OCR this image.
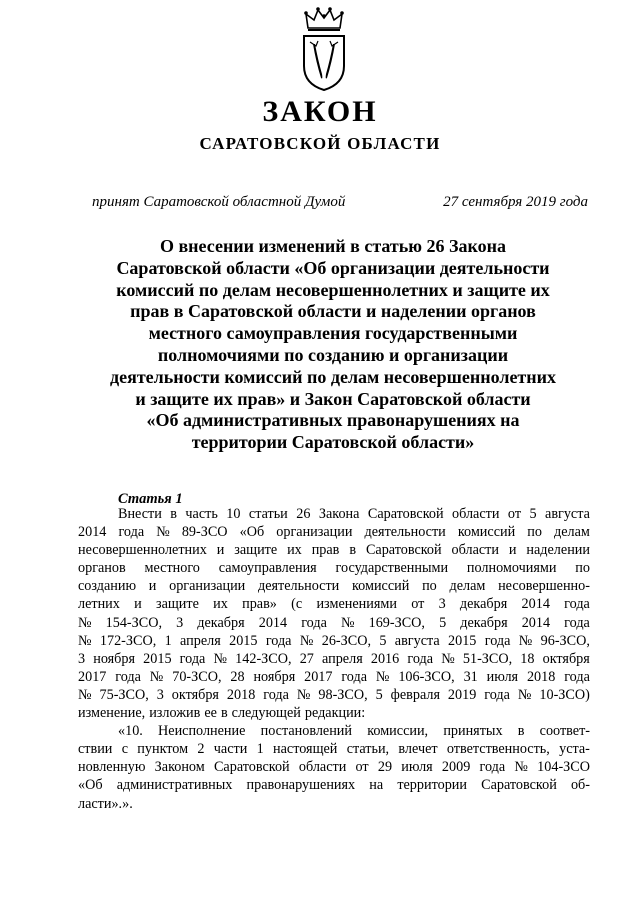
ЗАКОН
САРАТОВСКОЙ ОБЛАСТИ
принят Саратовской областной Думой	27 сентября 2019 года
О внесении изменений в статью 26 Закона
Саратовской области «Об организации деятельности
комиссий по делам несовершеннолетних и защите их
прав в Саратовской области и наделении органов
местного самоуправления государственными
полномочиями по созданию и организации
деятельности комиссий по делам несовершеннолетних
и защите их прав» и Закон Саратовской области
«Об административных правонарушениях на
территории Саратовской области»
Статья 1
Внести в часть 10 статьи 26 Закона Саратовской области от 5 августа
2014 года № 89-ЗСО «Об организации деятельности комиссий по делам
несовершеннолетних и защите их прав в Саратовской области и наделении
органов местного самоуправления государственными полномочиями по
созданию и организации деятельности комиссий по делам несовершенно-
летних и защите их прав» (с изменениями от 3 декабря 2014 года
№ 154-ЗСО, 3 декабря 2014 года № 169-ЗСО, 5 декабря 2014 года
№ 172-ЗСО, 1 апреля 2015 года № 26-ЗСО, 5 августа 2015 года № 96-ЗСО,
3 ноября 2015 года № 142-ЗСО, 27 апреля 2016 года № 51-ЗСО, 18 октября
2017 года № 70-ЗСО, 28 ноября 2017 года № 106-ЗСО, 31 июля 2018 года
№ 75-ЗСО, 3 октября 2018 года № 98-ЗСО, 5 февраля 2019 года № 10-ЗСО)
изменение, изложив ее в следующей редакции:
«10. Неисполнение постановлений комиссии, принятых в соответ-
ствии с пунктом 2 части 1 настоящей статьи, влечет ответственность, уста-
новленную Законом Саратовской области от 29 июля 2009 года № 104-ЗСО
«Об административных правонарушениях на территории Саратовской об-
ласти».».
